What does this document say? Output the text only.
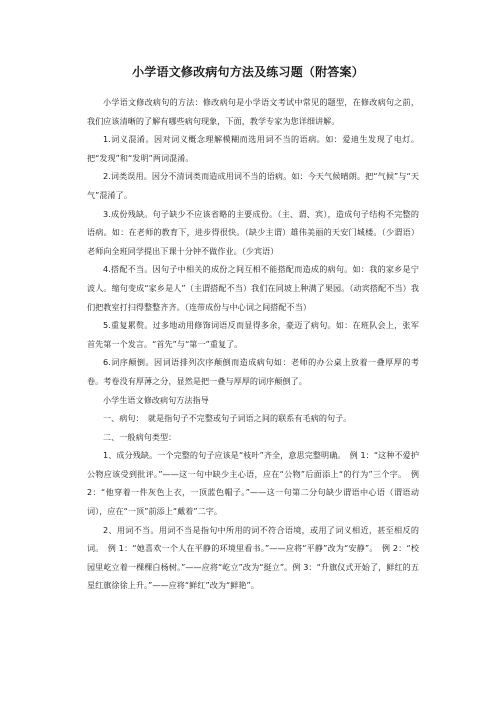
小学语文修改病句方法及练习题（附答案）

小学语文修改病句的方法：修改病句是小学语文考试中常见的题型，在修改病句之前，我们应该清晰的了解有哪些病句现象，下面，教学专家为您详细讲解。

1.词义混淆。因对词义概念理解模糊而选用词不当的语病。如：爱迪生发现了电灯。把“发现”和“发明”两词混淆。

2.词类误用。因分不清词类而造成用词不当的语病。如：今天气候晴朗。把“气候”与“天气”混淆了。

3.成份残缺。句子缺少不应该省略的主要成份。（主、谓、宾），造成句子结构不完整的语病。如：在老师的教育下，进步得很快。（缺少主谓）雄伟美丽的天安门城楼。（少谓语）老师向全班同学提出下课十分钟不做作业。（少宾语）

4.搭配不当。因句子中相关的成份之间互相不能搭配而造成的病句。如：我的家乡是宁波人。缩句变成“家乡是人”（主谓搭配不当）我们在同坡上种满了果园。（动宾搭配不当）我们把教室打扫得整整齐齐。（连带成份与中心词之间搭配不当）

5.重复累赘。过多地动用修饰词语反而显得多余，豪迈了病句。如：在班队会上，张军首先第一个发言。“首先”与“第一”重复了。

6.词序颠倒。因词语排列次序颠倒而造成病句如：老师的办公桌上放着一叠厚厚的考卷。考卷没有厚薄之分，显然是把一叠与厚厚的词序颠倒了。

小学生语文修改病句方法指导

一、病句：　就是指句子不完整或句子词语之间的联系有毛病的句子。

二、一般病句类型：

1、成分残缺。一个完整的句子应该是“枝叶”齐全，意思完整明确。　例 1：“这种不爱护公物应该受到批评。”——这一句中缺少主心语，应在“公物”后面添上“的行为”三个字。　例 2：“他穿着一件灰色上衣，一顶蓝色帽子。”——这一句第二分句缺少谓语中心语（谓语动词），应在“一顶”前添上“戴着”二字。

2、用词不当。用词不当是指句中所用的词不符合语境，或用了词义相近，甚至相反的词。　例 1：“她喜欢一个人在平静的环境里看书。”——应将“平静”改为“安静”。　例 2：“校园里屹立着一棵棵白杨树。”——应将“屹立”改为“挺立”。例 3：“升旗仪式开始了，鲜红的五星红旗徐徐上升。”——应将“鲜红”改为“鲜艳”。
